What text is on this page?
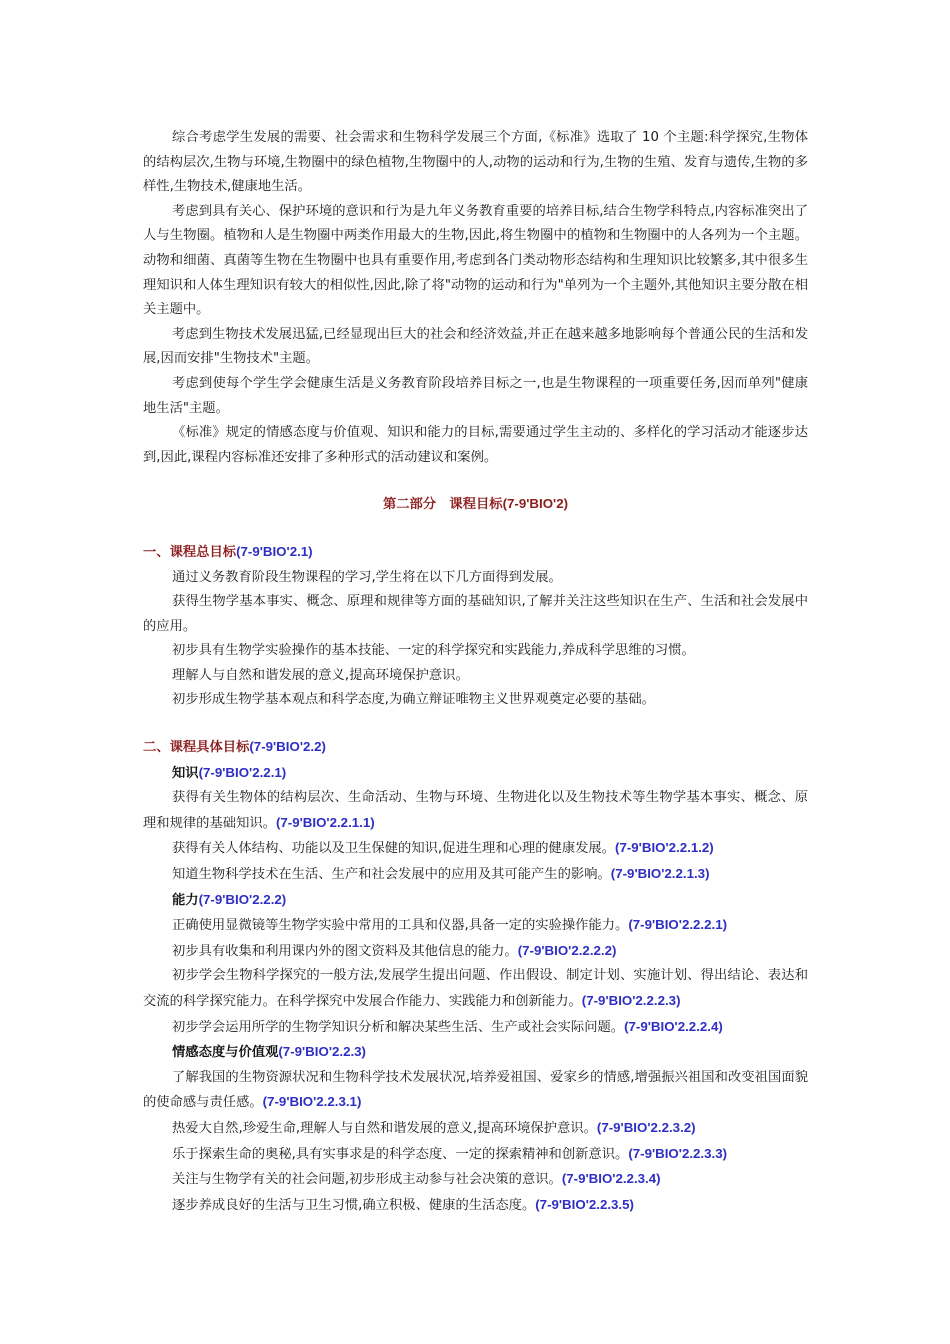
综合考虑学生发展的需要、社会需求和生物科学发展三个方面,《标准》选取了 10 个主题:科学探究,生物体的结构层次,生物与环境,生物圈中的绿色植物,生物圈中的人,动物的运动和行为,生物的生殖、发育与遗传,生物的多样性,生物技术,健康地生活。

考虑到具有关心、保护环境的意识和行为是九年义务教育重要的培养目标,结合生物学科特点,内容标准突出了人与生物圈。植物和人是生物圈中两类作用最大的生物,因此,将生物圈中的植物和生物圈中的人各列为一个主题。动物和细菌、真菌等生物在生物圈中也具有重要作用,考虑到各门类动物形态结构和生理知识比较繁多,其中很多生理知识和人体生理知识有较大的相似性,因此,除了将"动物的运动和行为"单列为一个主题外,其他知识主要分散在相关主题中。

考虑到生物技术发展迅猛,已经显现出巨大的社会和经济效益,并正在越来越多地影响每个普通公民的生活和发展,因而安排"生物技术"主题。

考虑到使每个学生学会健康生活是义务教育阶段培养目标之一,也是生物课程的一项重要任务,因而单列"健康地生活"主题。

《标准》规定的情感态度与价值观、知识和能力的目标,需要通过学生主动的、多样化的学习活动才能逐步达到,因此,课程内容标准还安排了多种形式的活动建议和案例。

第二部分　课程目标(7-9'BIO'2)

一、课程总目标(7-9'BIO'2.1)

通过义务教育阶段生物课程的学习,学生将在以下几方面得到发展。

获得生物学基本事实、概念、原理和规律等方面的基础知识,了解并关注这些知识在生产、生活和社会发展中的应用。

初步具有生物学实验操作的基本技能、一定的科学探究和实践能力,养成科学思维的习惯。

理解人与自然和谐发展的意义,提高环境保护意识。

初步形成生物学基本观点和科学态度,为确立辩证唯物主义世界观奠定必要的基础。

二、课程具体目标(7-9'BIO'2.2)

知识(7-9'BIO'2.2.1)

获得有关生物体的结构层次、生命活动、生物与环境、生物进化以及生物技术等生物学基本事实、概念、原理和规律的基础知识。(7-9'BIO'2.2.1.1)

获得有关人体结构、功能以及卫生保健的知识,促进生理和心理的健康发展。(7-9'BIO'2.2.1.2)

知道生物科学技术在生活、生产和社会发展中的应用及其可能产生的影响。(7-9'BIO'2.2.1.3)

能力(7-9'BIO'2.2.2)

正确使用显微镜等生物学实验中常用的工具和仪器,具备一定的实验操作能力。(7-9'BIO'2.2.2.1)

初步具有收集和利用课内外的图文资料及其他信息的能力。(7-9'BIO'2.2.2.2)

初步学会生物科学探究的一般方法,发展学生提出问题、作出假设、制定计划、实施计划、得出结论、表达和交流的科学探究能力。在科学探究中发展合作能力、实践能力和创新能力。(7-9'BIO'2.2.2.3)

初步学会运用所学的生物学知识分析和解决某些生活、生产或社会实际问题。(7-9'BIO'2.2.2.4)

情感态度与价值观(7-9'BIO'2.2.3)

了解我国的生物资源状况和生物科学技术发展状况,培养爱祖国、爱家乡的情感,增强振兴祖国和改变祖国面貌的使命感与责任感。(7-9'BIO'2.2.3.1)

热爱大自然,珍爱生命,理解人与自然和谐发展的意义,提高环境保护意识。(7-9'BIO'2.2.3.2)

乐于探索生命的奥秘,具有实事求是的科学态度、一定的探索精神和创新意识。(7-9'BIO'2.2.3.3)

关注与生物学有关的社会问题,初步形成主动参与社会决策的意识。(7-9'BIO'2.2.3.4)

逐步养成良好的生活与卫生习惯,确立积极、健康的生活态度。(7-9'BIO'2.2.3.5)
